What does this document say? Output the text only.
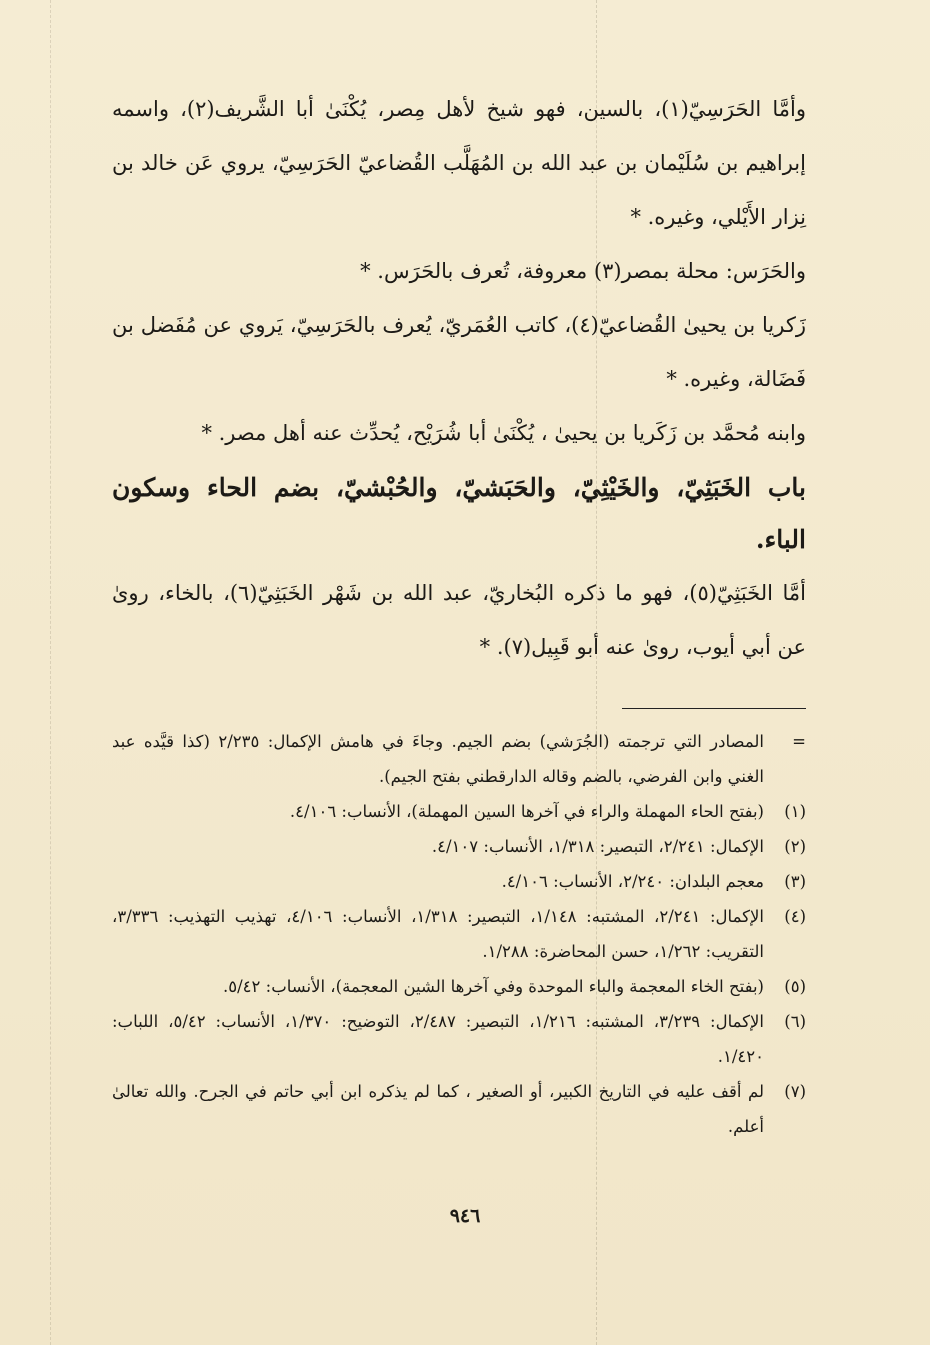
وأمَّا الحَرَسِيّ(١)، بالسين، فهو شيخ لأهل مِصر، يُكْنَىٰ أبا الشَّريف(٢)، واسمه إبراهيم بن سُلَيْمان بن عبد الله بن المُهَلَّب القُضاعيّ الحَرَسِيّ، يروي عَن خالد بن نِزار الأَيْلي، وغيره. *

والحَرَس: محلة بمصر(٣) معروفة، تُعرف بالحَرَس. *

زَكريا بن يحيىٰ القُضاعيّ(٤)، كاتب العُمَريّ، يُعرف بالحَرَسِيّ، يَروي عن مُفَضل بن فَضَالة، وغيره. *

وابنه مُحمَّد بن زَكَريا بن يحيىٰ ، يُكْنَىٰ أبا شُرَيْح، يُحدِّث عنه أهل مصر. *

باب الخَبَثِيّ، والخَيْثِيّ، والحَبَشيّ، والحُبْشيّ، بضم الحاء وسكون الباء.

أمَّا الخَبَثِيّ(٥)، فهو ما ذكره البُخاريّ، عبد الله بن شَهْر الخَبَثِيّ(٦)، بالخاء، روىٰ عن أبي أيوب، روىٰ عنه أبو قَبِيل(٧). *

=
المصادر التي ترجمته (الجُرَشي) بضم الجيم. وجاءَ في هامش الإكمال: ٢/٢٣٥ (كذا قيَّده عبد الغني وابن الفرضي، بالضم وقاله الدارقطني بفتح الجيم).
(١)
(بفتح الحاء المهملة والراء في آخرها السين المهملة)، الأنساب: ٤/١٠٦.
(٢)
الإكمال: ٢/٢٤١، التبصير: ١/٣١٨، الأنساب: ٤/١٠٧.
(٣)
معجم البلدان: ٢/٢٤٠، الأنساب: ٤/١٠٦.
(٤)
الإكمال: ٢/٢٤١، المشتبه: ١/١٤٨، التبصير: ١/٣١٨، الأنساب: ٤/١٠٦، تهذيب التهذيب: ٣/٣٣٦، التقريب: ١/٢٦٢، حسن المحاضرة: ١/٢٨٨.
(٥)
(بفتح الخاء المعجمة والباء الموحدة وفي آخرها الشين المعجمة)، الأنساب: ٥/٤٢.
(٦)
الإكمال: ٣/٢٣٩، المشتبه: ١/٢١٦، التبصير: ٢/٤٨٧، التوضيح: ١/٣٧٠، الأنساب: ٥/٤٢، اللباب: ١/٤٢٠.
(٧)
لم أقف عليه في التاريخ الكبير، أو الصغير ، كما لم يذكره ابن أبي حاتم في الجرح. والله تعالىٰ أعلم.
٩٤٦
